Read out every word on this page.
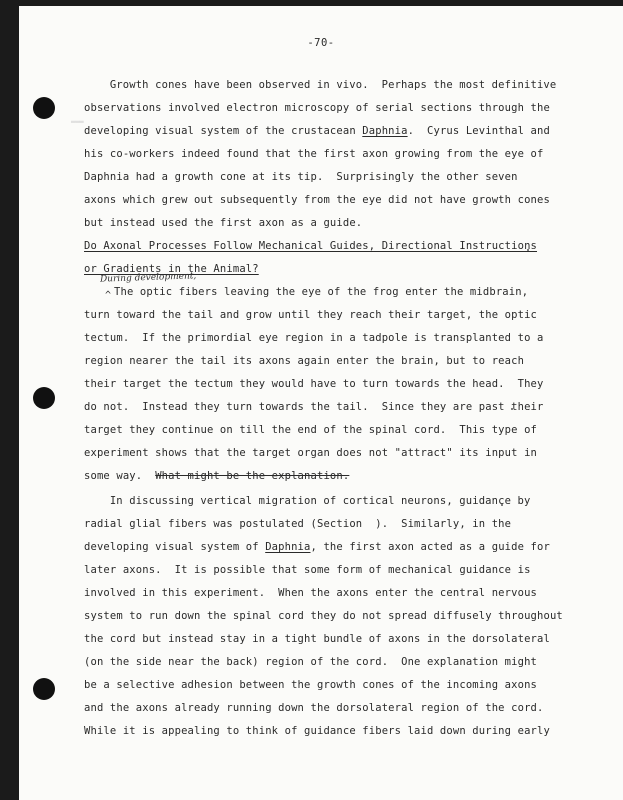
═══
-70-
Growth cones have been observed in vivo.  Perhaps the most definitive
observations involved electron microscopy of serial sections through the
developing visual system of the crustacean Daphnia.  Cyrus Levinthal and
his co-workers indeed found that the first axon growing from the eye of
Daphnia had a growth cone at its tip.  Surprisingly the other seven
axons which grew out subsequently from the eye did not have growth cones
but instead used the first axon as a guide.
Do Axonal Processes Follow Mechanical Guides, Directional Instructions
or Gradients in the Animal?
During development,
^ The optic fibers leaving the eye of the frog enter the midbrain,
turn toward the tail and grow until they reach their target, the optic
tectum.  If the primordial eye region in a tadpole is transplanted to a
region nearer the tail its axons again enter the brain, but to reach
their target the tectum they would have to turn towards the head.  They
do not.  Instead they turn towards the tail.  Since they are past their
target they continue on till the end of the spinal cord.  This type of
experiment shows that the target organ does not "attract" its input in
some way.  What might be the explanation.
In discussing vertical migration of cortical neurons, guidance by
radial glial fibers was postulated (Section  ).  Similarly, in the
developing visual system of Daphnia, the first axon acted as a guide for
later axons.  It is possible that some form of mechanical guidance is
involved in this experiment.  When the axons enter the central nervous
system to run down the spinal cord they do not spread diffusely throughout
the cord but instead stay in a tight bundle of axons in the dorsolateral
(on the side near the back) region of the cord.  One explanation might
be a selective adhesion between the growth cones of the incoming axons
and the axons already running down the dorsolateral region of the cord.
While it is appealing to think of guidance fibers laid down during early
